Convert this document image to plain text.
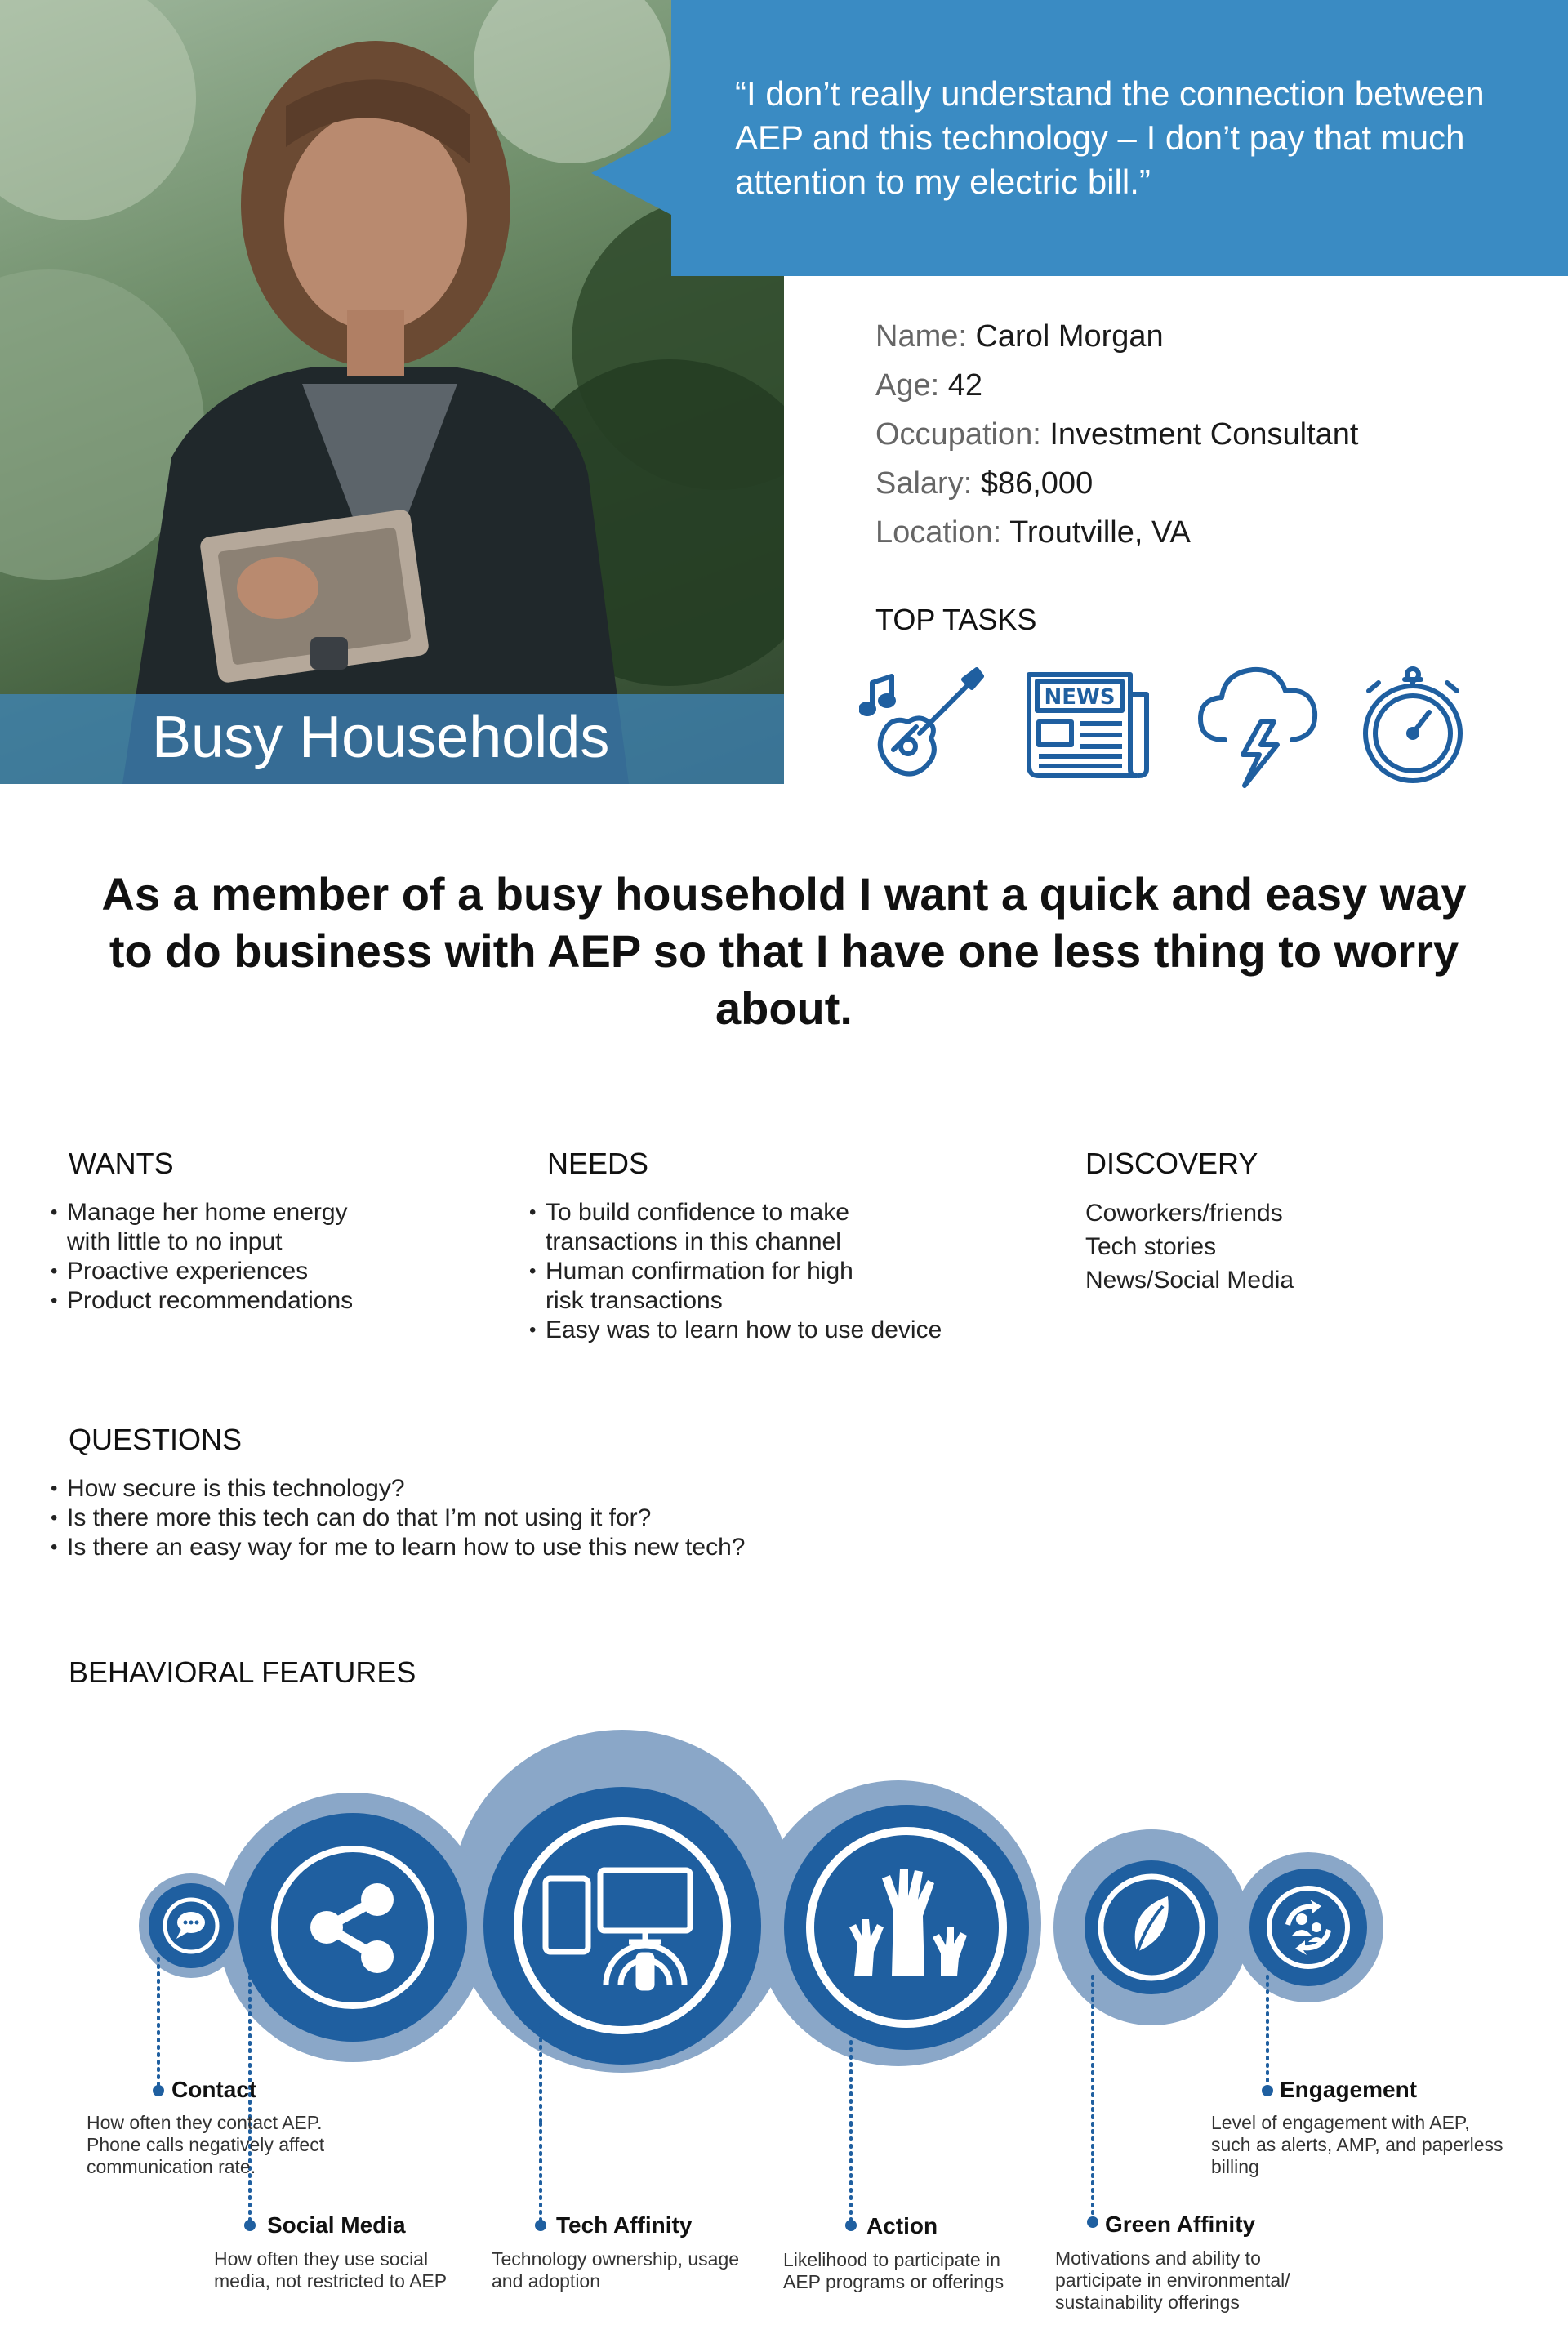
Busy Households
“I don’t really understand the connection between AEP and this technology – I don’t pay that much attention to my electric bill.”
Name: Carol Morgan
Age: 42
Occupation: Investment Consultant
Salary: $86,000
Location: Troutville, VA
TOP TASKS
NEWS
As a member of a busy household I want a quick and easy way to do business with AEP so that I have one less thing to worry about.
WANTS
• Manage her home energy with little to no input
• Proactive experiences
• Product recommendations
NEEDS
• To build confidence to make transactions in this channel
• Human confirmation for high risk transactions
• Easy was to learn how to use device
DISCOVERY
Coworkers/friends
Tech stories
News/Social Media
QUESTIONS
• How secure is this technology?
• Is there more this tech can do that I’m not using it for?
• Is there an easy way for me to learn how to use this new tech?
BEHAVIORAL FEATURES
Contact
How often they contact AEP. Phone calls negatively affect communication rate.
Social Media
How often they use social media, not restricted to AEP
Tech Affinity
Technology ownership, usage and adoption
Action
Likelihood to participate in AEP programs or offerings
Green Affinity
Motivations and ability to participate in environmental/ sustainability offerings
Engagement
Level of engagement with AEP, such as alerts, AMP, and paperless billing
